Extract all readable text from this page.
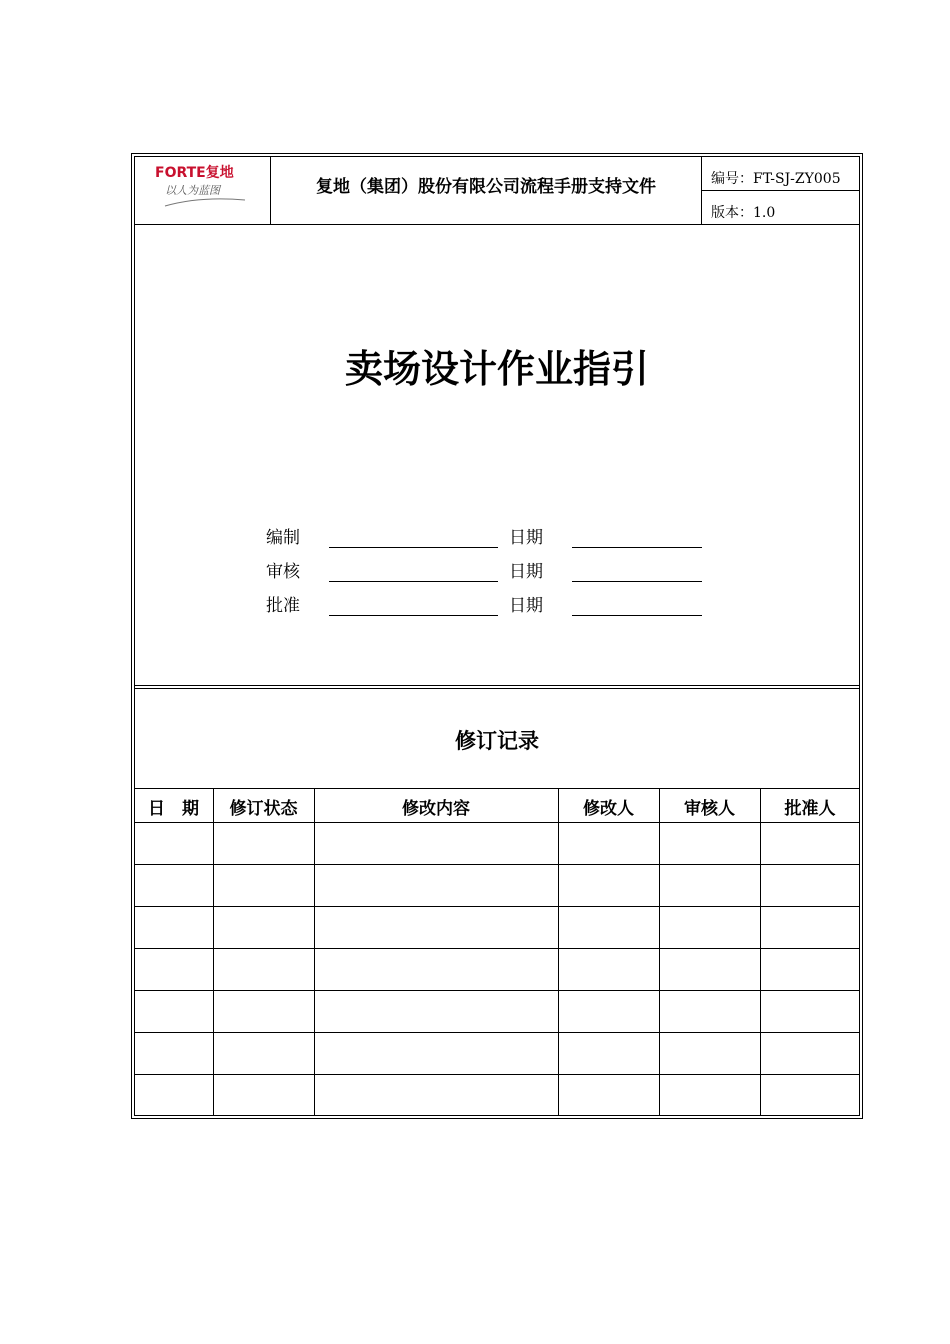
FORTE复地
以人为蓝图	复地（集团）股份有限公司流程手册支持文件	编号：FT-SJ-ZY005
版本：1.0
卖场设计作业指引
编制	日期
审核	日期
批准	日期
修订记录
日　期	修订状态	修改内容	修改人	审核人	批准人
